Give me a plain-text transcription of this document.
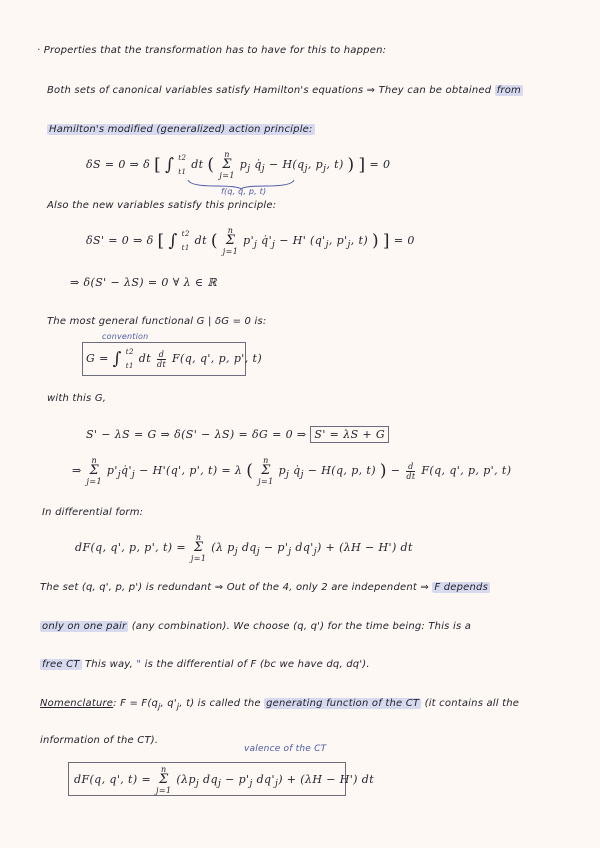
· Properties that the transformation has to have for this to happen:
Both sets of canonical variables satisfy Hamilton's equations ⇒ They can be obtained from
Hamilton's modified (generalized) action principle:
δS = 0 ⇒ δ [ ∫ t2
t1 dt ( n
Σ
j=1 $p_j$ $q̇_j - H(q_j$, $p_j$, t) ) ] = 0
f(q, q̇, p, t)
Also the new variables satisfy this principle:
δS' = 0 ⇒ δ [ ∫ t2
t1 dt ( n
Σ
j=1 $p'_j$ $q̇'_j - H'$ ($q'_j$, $p'_j$, t) ) ] = 0
⇒ δ(S' − λS) = 0 ∀ λ ∈ ℝ
The most general functional G | δG = 0 is:
convention
G = ∫ t2
t1 dt $\frac{d}{dt} F(q$, q', p, p', t)
with this G,
S' − λS = G ⇒ δ(S' − λS) = δG = 0 ⇒ S' = λS + G
⇒ n
Σ
j=1 $p'_jq̇'_j - H'(q'$, p', t) = λ ( n
Σ
j=1 $p_j$ $q̇_j - H(q$, p, t) ) − $\frac{d}{dt} F(q$, q', p, p', t)
In differential form:
dF(q, q', p, p', t) = n
Σ
j=1 (λ $p_j$ $dq_j - p'_j$ $dq'_j) + (\lambda H - H')$ dt
The set (q, q', p, p') is redundant ⇒ Out of the 4, only 2 are independent ⇒ F depends
only on one pair (any combination). We choose (q, q') for the time being: This is a
free CT This way, " is the differential of F (bc we have dq, dq').
Nomenclature: $F = F(q_j$, $q'_j$, t) is called the generating function of the CT (it contains all the
information of the CT).
valence of the CT
dF(q, q', t) = n
Σ
j=1 ($\lambda p_j$ $dq_j - p'_j$ $dq'_j) + (\lambda H - H')$ dt
